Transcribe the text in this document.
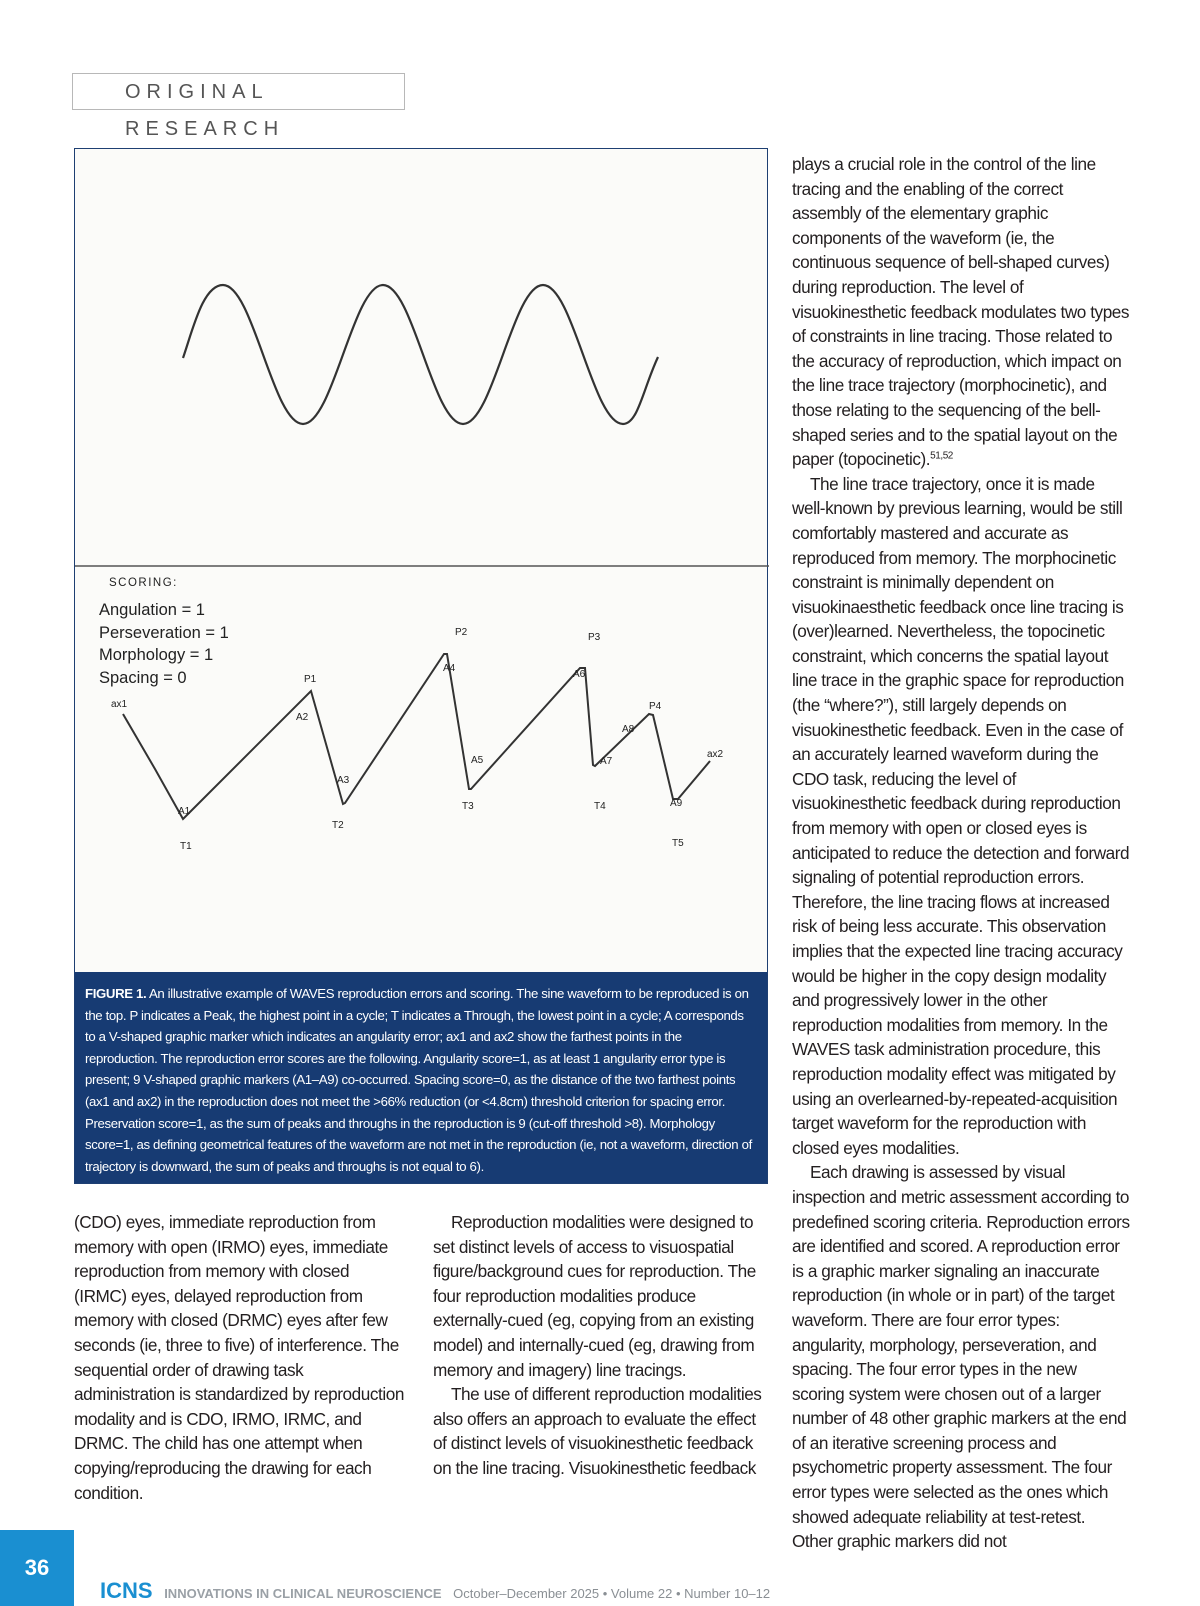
ORIGINAL RESEARCH
SCORING:
Angulation = 1
Perseveration = 1
Morphology = 1
Spacing = 0
ax1
ax2
P1
P2	P3
P4
T1
T2
T3	T4
T5
A1
A2
A3
A4
A5
A6
A7
A8
A9
FIGURE 1. An illustrative example of WAVES reproduction errors and scoring. The sine waveform to be reproduced is on the top. P indicates a Peak, the highest point in a cycle; T indicates a Through, the lowest point in a cycle; A corresponds to a V-shaped graphic marker which indicates an angularity error; ax1 and ax2 show the farthest points in the reproduction. The reproduction error scores are the following. Angularity score=1, as at least 1 angularity error type is present; 9 V-shaped graphic markers (A1–A9) co-occurred. Spacing score=0, as the distance of the two farthest points (ax1 and ax2) in the reproduction does not meet the >66% reduction (or <4.8cm) threshold criterion for spacing error. Preservation score=1, as the sum of peaks and throughs in the reproduction is 9 (cut-off threshold >8). Morphology score=1, as defining geometrical features of the waveform are not met in the reproduction (ie, not a waveform, direction of trajectory is downward, the sum of peaks and throughs is not equal to 6).

(CDO) eyes, immediate reproduction from memory with open (IRMO) eyes, immediate reproduction from memory with closed (IRMC) eyes, delayed reproduction from memory with closed (DRMC) eyes after few seconds (ie, three to five) of interference. The sequential order of drawing task administration is standardized by reproduction modality and is CDO, IRMO, IRMC, and DRMC. The child has one attempt when copying/reproducing the drawing for each condition.

Reproduction modalities were designed to set distinct levels of access to visuospatial figure/background cues for reproduction. The four reproduction modalities produce externally-cued (eg, copying from an existing model) and internally-cued (eg, drawing from memory and imagery) line tracings.

The use of different reproduction modalities also offers an approach to evaluate the effect of distinct levels of visuokinesthetic feedback on the line tracing. Visuokinesthetic feedback

plays a crucial role in the control of the line tracing and the enabling of the correct assembly of the elementary graphic components of the waveform (ie, the continuous sequence of bell-shaped curves) during reproduction. The level of visuokinesthetic feedback modulates two types of constraints in line tracing. Those related to the accuracy of reproduction, which impact on the line trace trajectory (morphocinetic), and those relating to the sequencing of the bell-shaped series and to the spatial layout on the paper (topocinetic).$^{51,52}$

The line trace trajectory, once it is made well-known by previous learning, would be still comfortably mastered and accurate as reproduced from memory. The morphocinetic constraint is minimally dependent on visuokinaesthetic feedback once line tracing is (over)learned. Nevertheless, the topocinetic constraint, which concerns the spatial layout line trace in the graphic space for reproduction (the “where?”), still largely depends on visuokinesthetic feedback. Even in the case of an accurately learned waveform during the CDO task, reducing the level of visuokinesthetic feedback during reproduction from memory with open or closed eyes is anticipated to reduce the detection and forward signaling of potential reproduction errors. Therefore, the line tracing flows at increased risk of being less accurate. This observation implies that the expected line tracing accuracy would be higher in the copy design modality and progressively lower in the other reproduction modalities from memory. In the WAVES task administration procedure, this reproduction modality effect was mitigated by using an overlearned-by-repeated-acquisition target waveform for the reproduction with closed eyes modalities.

Each drawing is assessed by visual inspection and metric assessment according to predefined scoring criteria. Reproduction errors are identified and scored. A reproduction error is a graphic marker signaling an inaccurate reproduction (in whole or in part) of the target waveform. There are four error types: angularity, morphology, perseveration, and spacing. The four error types in the new scoring system were chosen out of a larger number of 48 other graphic markers at the end of an iterative screening process and psychometric property assessment. The four error types were selected as the ones which showed adequate reliability at test-retest. Other graphic markers did not

36
ICNS INNOVATIONS IN CLINICAL NEUROSCIENCE October–December 2025 • Volume 22 • Number 10–12
